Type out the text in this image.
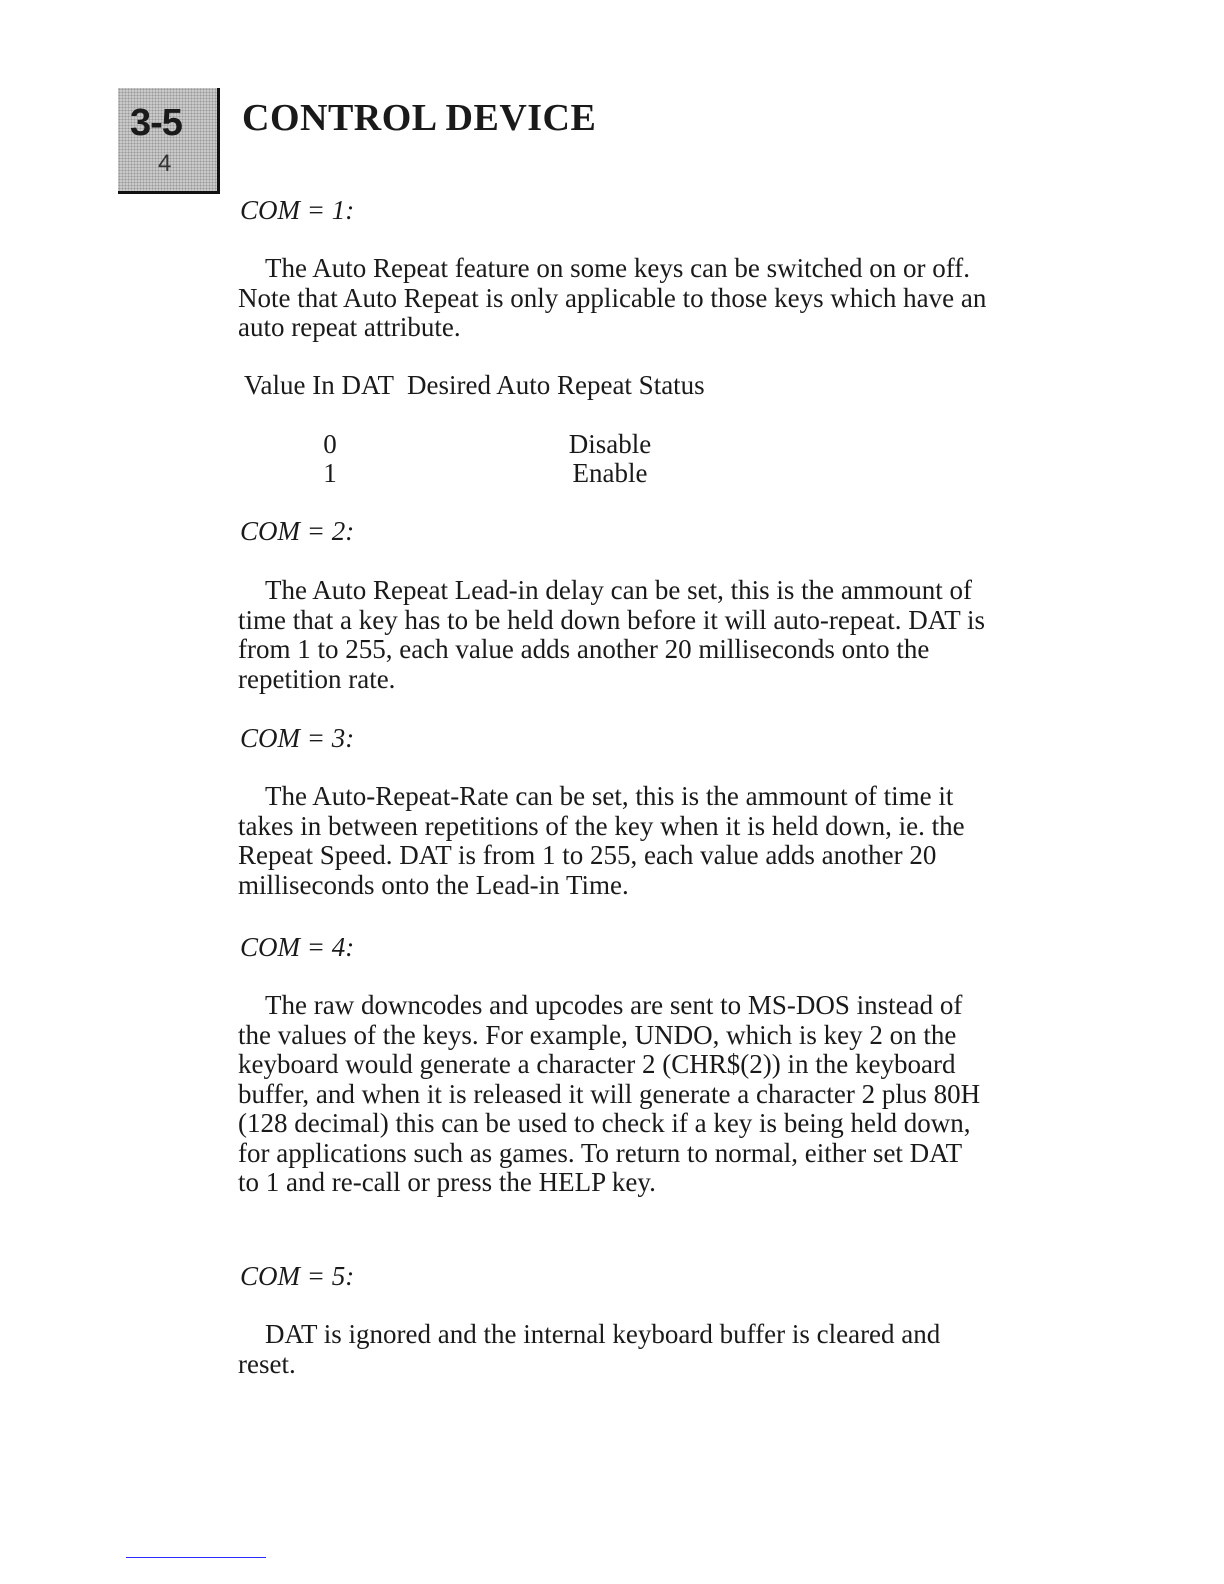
3-5
4
CONTROL DEVICE

COM = 1:

The Auto Repeat feature on some keys can be switched on or off. Note that Auto Repeat is only applicable to those keys which have an auto repeat attribute.

Value In DAT Desired Auto Repeat Status
0	Disable
1	Enable

COM = 2:

The Auto Repeat Lead-in delay can be set, this is the ammount of time that a key has to be held down before it will auto-repeat. DAT is from 1 to 255, each value adds another 20 milliseconds onto the repetition rate.

COM = 3:

The Auto-Repeat-Rate can be set, this is the ammount of time it takes in between repetitions of the key when it is held down, ie. the Repeat Speed. DAT is from 1 to 255, each value adds another 20 milliseconds onto the Lead-in Time.

COM = 4:

The raw downcodes and upcodes are sent to MS-DOS instead of the values of the keys. For example, UNDO, which is key 2 on the keyboard would generate a character 2 (CHR$(2)) in the keyboard buffer, and when it is released it will generate a character 2 plus 80H (128 decimal) this can be used to check if a key is being held down, for applications such as games. To return to normal, either set DAT to 1 and re-call or press the HELP key.

COM = 5:

DAT is ignored and the internal keyboard buffer is cleared and reset.
